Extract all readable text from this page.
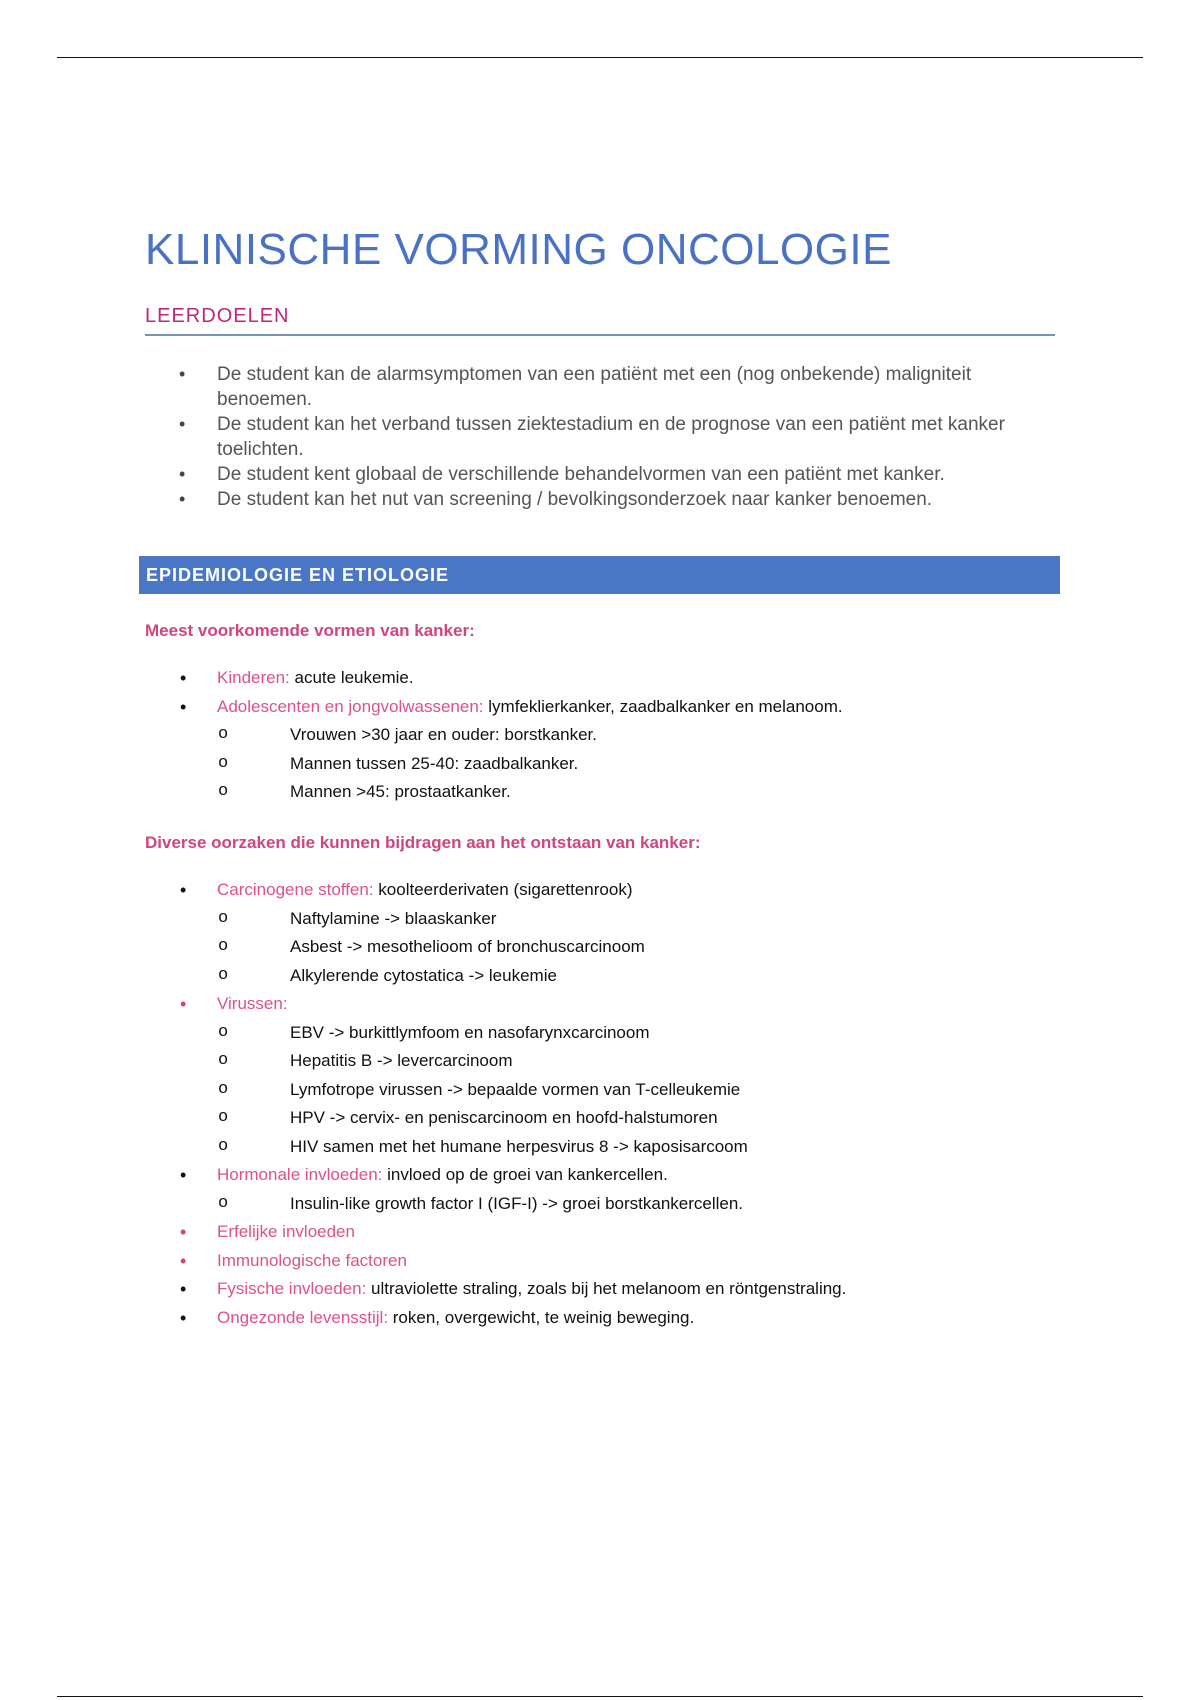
KLINISCHE VORMING ONCOLOGIE
LEERDOELEN
• De student kan de alarmsymptomen van een patiënt met een (nog onbekende) maligniteit benoemen.
• De student kan het verband tussen ziektestadium en de prognose van een patiënt met kanker toelichten.
• De student kent globaal de verschillende behandelvormen van een patiënt met kanker.
• De student kan het nut van screening / bevolkingsonderzoek naar kanker benoemen.
EPIDEMIOLOGIE EN ETIOLOGIE
Meest voorkomende vormen van kanker:
• Kinderen: acute leukemie.
• Adolescenten en jongvolwassenen: lymfeklierkanker, zaadbalkanker en melanoom.
o	Vrouwen >30 jaar en ouder: borstkanker.
o	Mannen tussen 25-40: zaadbalkanker.
o	Mannen >45: prostaatkanker.
Diverse oorzaken die kunnen bijdragen aan het ontstaan van kanker:
• Carcinogene stoffen: koolteerderivaten (sigarettenrook)
o	Naftylamine -> blaaskanker
o	Asbest -> mesothelioom of bronchuscarcinoom
o	Alkylerende cytostatica -> leukemie
• Virussen:
o	EBV -> burkittlymfoom en nasofarynxcarcinoom
o	Hepatitis B -> levercarcinoom
o	Lymfotrope virussen -> bepaalde vormen van T-celleukemie
o	HPV -> cervix- en peniscarcinoom en hoofd-halstumoren
o	HIV samen met het humane herpesvirus 8 -> kaposisarcoom
• Hormonale invloeden: invloed op de groei van kankercellen.
o	Insulin-like growth factor I (IGF-I) -> groei borstkankercellen.
• Erfelijke invloeden
• Immunologische factoren
• Fysische invloeden: ultraviolette straling, zoals bij het melanoom en röntgenstraling.
• Ongezonde levensstijl: roken, overgewicht, te weinig beweging.
